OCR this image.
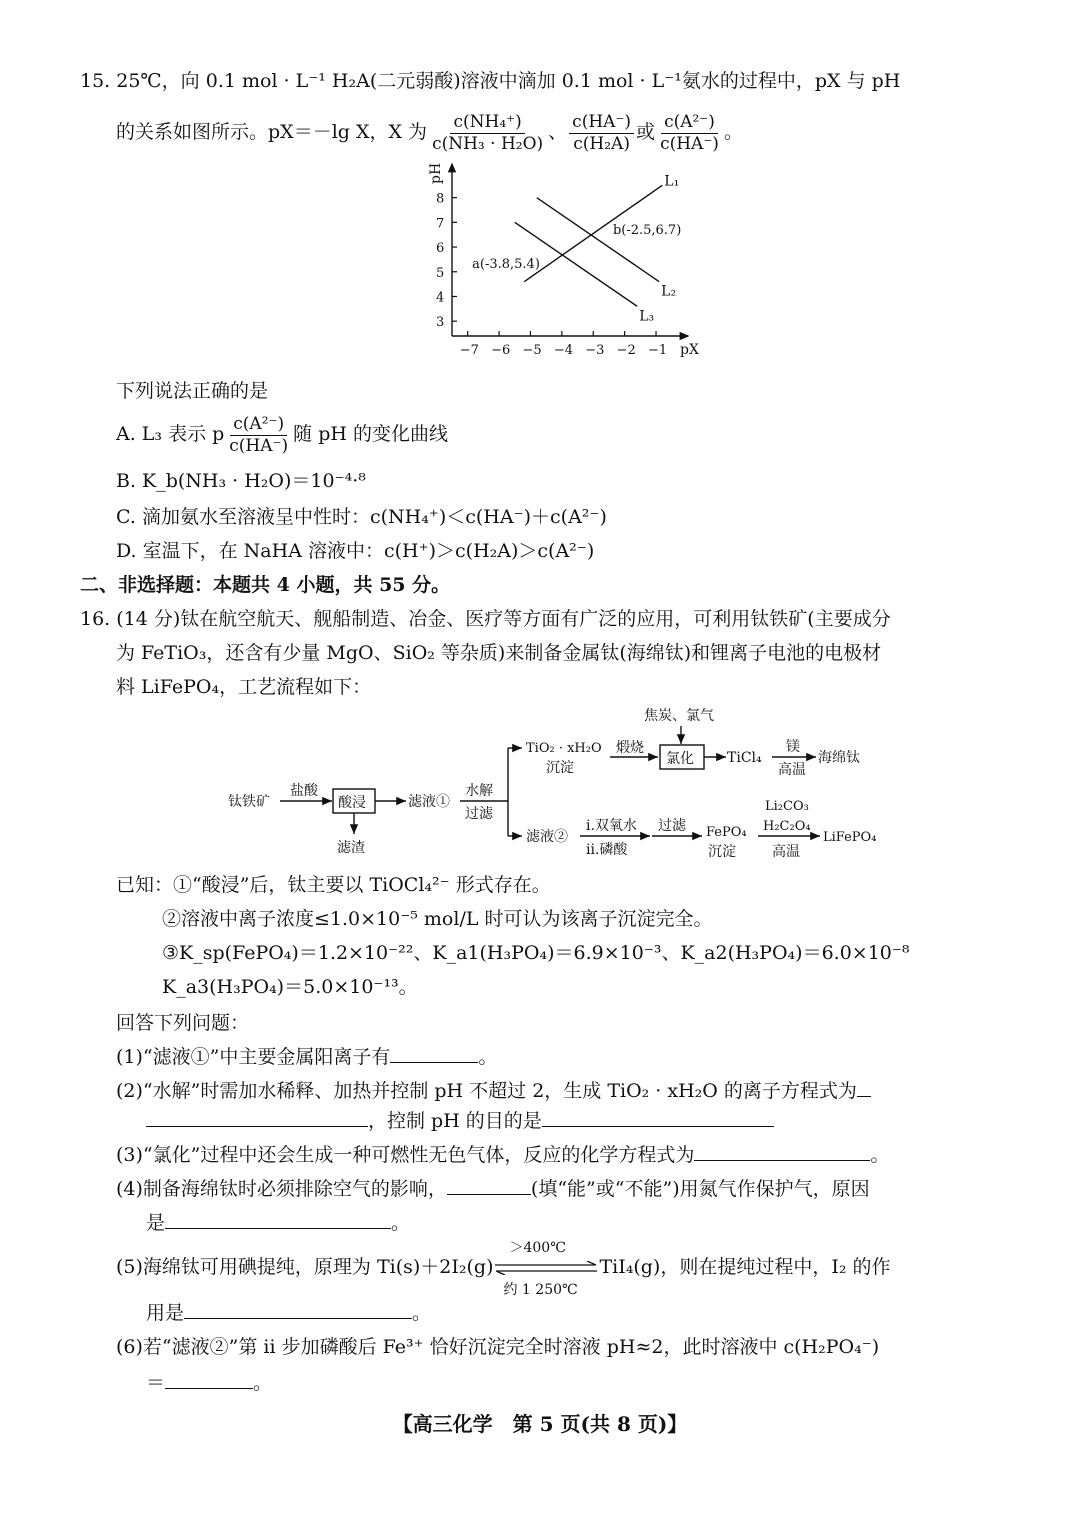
15. 25℃，向 0.1 mol · L⁻¹ H₂A(二元弱酸)溶液中滴加 0.1 mol · L⁻¹氨水的过程中，pX 与 pH
的关系如图所示。pX＝－lg X，X 为 $\frac{\text{c(NH₄⁺)}}{\text{c(NH₃ · H₂O)}}$ 、 $\frac{c(HA^-)}{\text{c(H₂A)}}$ 或 $\frac{\text{c(A²⁻)}}{c(HA^-)}$ 。
pH
pX
−7 −6 −5 −4 −3 −2 −1
3
4
5
6
7
8
L₁
L₂
L₃
a(-3.8,5.4)
b(-2.5,6.7)
下列说法正确的是
A. L₃ 表示 p $\frac{\text{c(A²⁻)}}{c(HA^-)}$ 随 pH 的变化曲线
B. K_b(NH₃ · H₂O)＝10⁻⁴·⁸
C. 滴加氨水至溶液呈中性时：c(NH₄⁺)＜c(HA⁻)＋c(A²⁻)
D. 室温下，在 NaHA 溶液中：c(H⁺)＞c(H₂A)＞c(A²⁻)
二、非选择题：本题共 4 小题，共 55 分。
16. (14 分)钛在航空航天、舰船制造、冶金、医疗等方面有广泛的应用，可利用钛铁矿(主要成分
为 FeTiO₃，还含有少量 MgO、SiO₂ 等杂质)来制备金属钛(海绵钛)和锂离子电池的电极材
料 LiFePO₄，工艺流程如下：
钛铁矿
盐酸
酸浸
滤渣
滤液①
水解
过滤
TiO₂ · xH₂O
沉淀
煅烧
焦炭、氯气
氯化 TiCl₄
镁
高温
海绵钛
滤液②
i.双氧水
ii.磷酸
过滤 FePO₄
沉淀
Li₂CO₃
H₂C₂O₄
高温
LiFePO₄
已知：①“酸浸”后，钛主要以 TiOCl₄²⁻ 形式存在。
②溶液中离子浓度≤1.0×10⁻⁵ mol/L 时可认为该离子沉淀完全。
③K_sp(FePO₄)＝1.2×10⁻²²、K_a1(H₃PO₄)＝6.9×10⁻³、K_a2(H₃PO₄)＝6.0×10⁻⁸
K_a3(H₃PO₄)＝5.0×10⁻¹³。
回答下列问题：
(1)“滤液①”中主要金属阳离子有	。
(2)“水解”时需加水稀释、加热并控制 pH 不超过 2，生成 TiO₂ · xH₂O 的离子方程式为
，控制 pH 的目的是
(3)“氯化”过程中还会生成一种可燃性无色气体，反应的化学方程式为	。
(4)制备海绵钛时必须排除空气的影响，	(填“能”或“不能”)用氮气作保护气，原因
是	。
(5)海绵钛可用碘提纯，原理为 Ti(s)＋2I₂(g)
＞400℃
约 1 250℃
TiI₄(g)，则在提纯过程中，I₂ 的作
用是	。
(6)若“滤液②”第 ii 步加磷酸后 Fe³⁺ 恰好沉淀完全时溶液 pH≈2，此时溶液中 c(H₂PO₄⁻)
＝	。
【高三化学　第 5 页(共 8 页)】
